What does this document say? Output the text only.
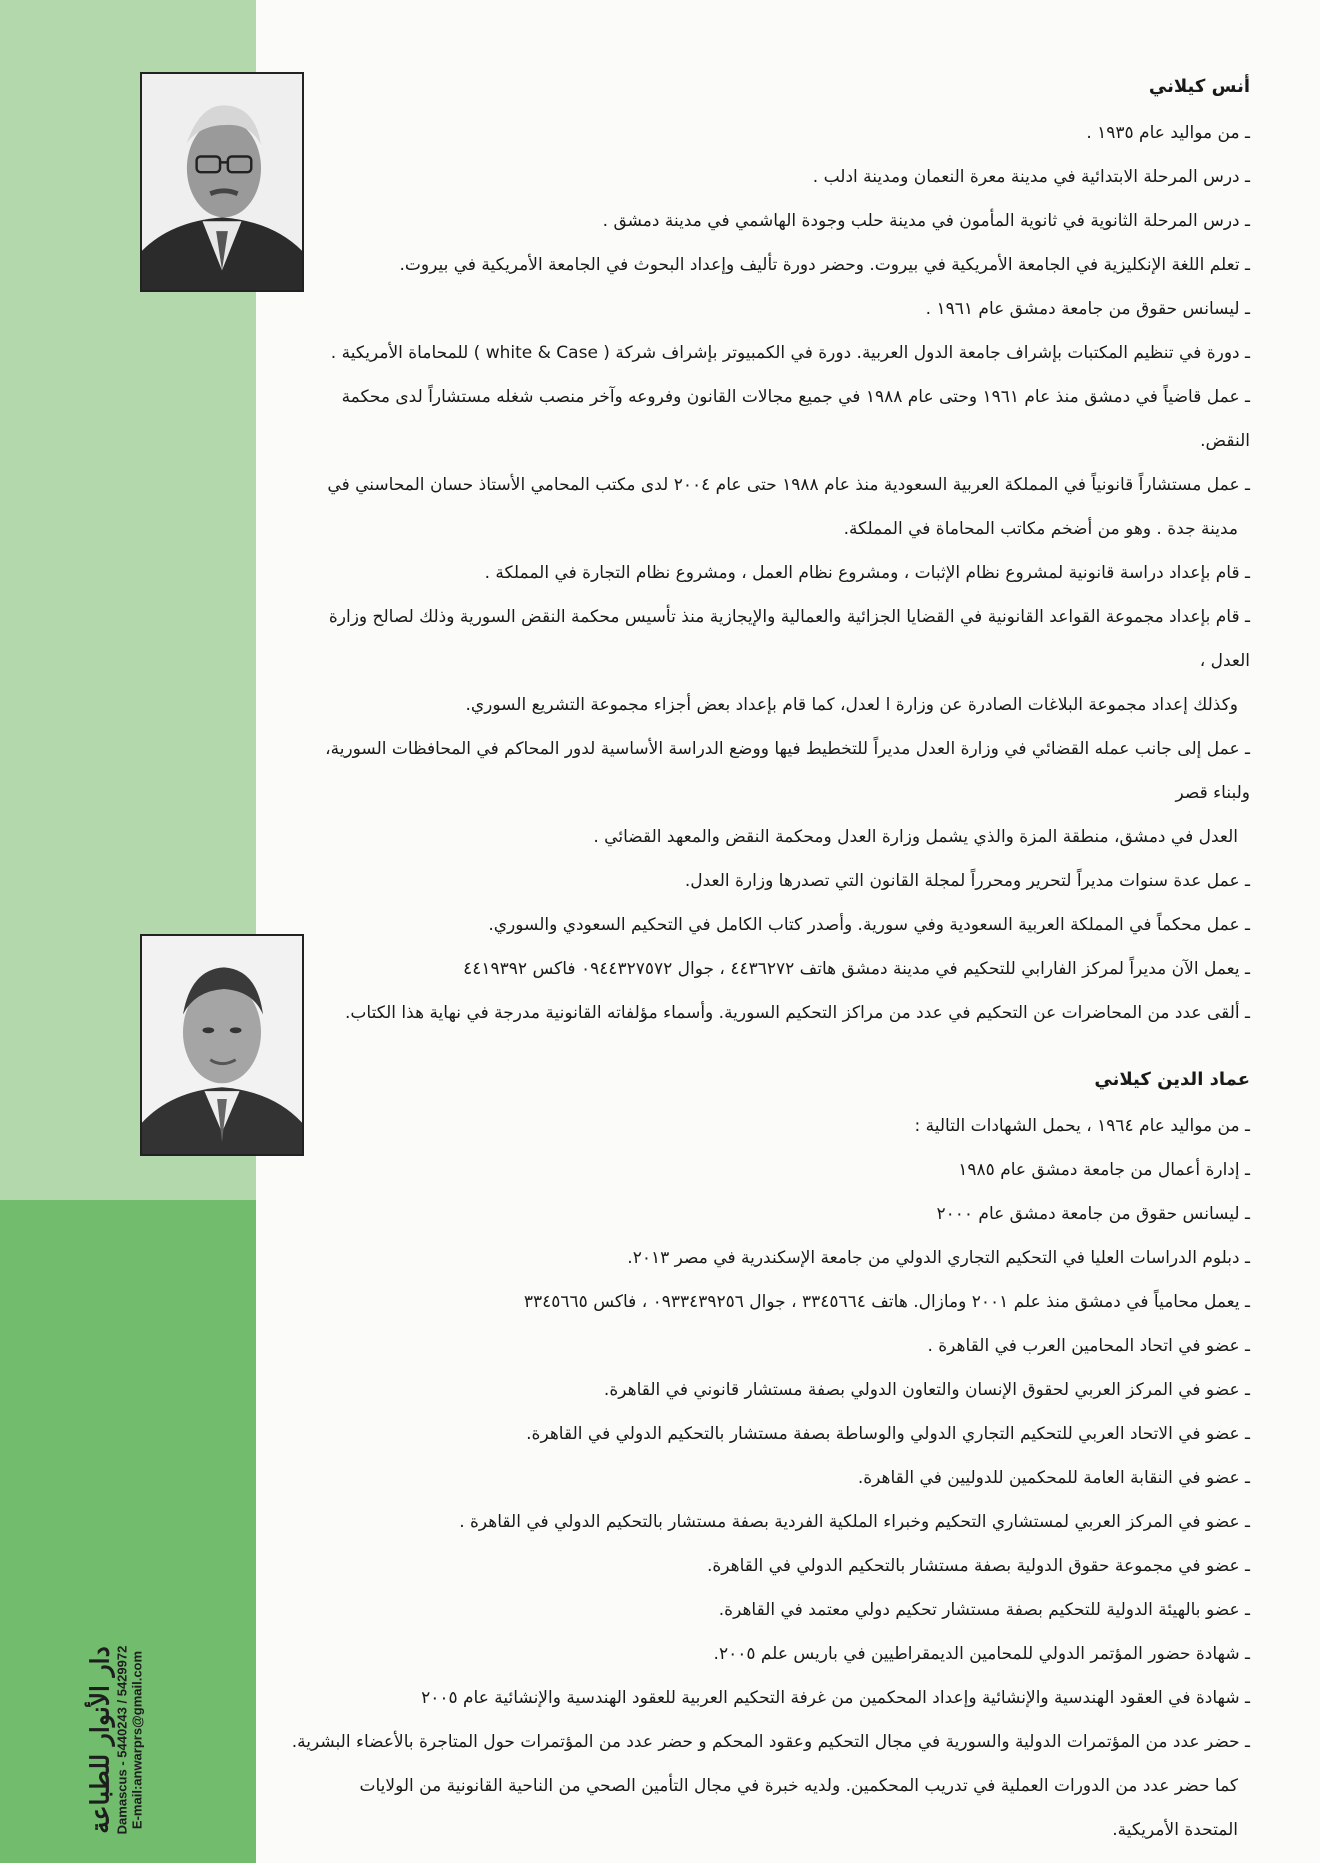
دار الأنوار للطباعة Damascus - 5440243 / 5429972 E-mail:anwarprs@gmail.com
أنس كيلاني
ـ من مواليد عام ١٩٣٥ .
ـ درس المرحلة الابتدائية في مدينة معرة النعمان ومدينة ادلب .
ـ درس المرحلة الثانوية في ثانوية المأمون في مدينة حلب وجودة الهاشمي في مدينة دمشق .
ـ تعلم اللغة الإنكليزية في الجامعة الأمريكية في بيروت. وحضر دورة تأليف وإعداد البحوث في الجامعة الأمريكية في بيروت.
ـ ليسانس حقوق من جامعة دمشق عام ١٩٦١ .
ـ دورة في تنظيم المكتبات بإشراف جامعة الدول العربية. دورة في الكمبيوتر بإشراف شركة ( white & Case ) للمحاماة الأمريكية .
ـ عمل قاضياً في دمشق منذ عام ١٩٦١ وحتى عام ١٩٨٨ في جميع مجالات القانون وفروعه وآخر منصب شغله مستشاراً لدى محكمة النقض.
ـ عمل مستشاراً قانونياً في المملكة العربية السعودية منذ عام ١٩٨٨ حتى عام ٢٠٠٤ لدى مكتب المحامي الأستاذ حسان المحاسني في
مدينة جدة . وهو من أضخم مكاتب المحاماة في المملكة.
ـ قام بإعداد دراسة قانونية لمشروع نظام الإثبات ، ومشروع نظام العمل ، ومشروع نظام التجارة في المملكة .
ـ قام بإعداد مجموعة القواعد القانونية في القضايا الجزائية والعمالية والإيجازية منذ تأسيس محكمة النقض السورية وذلك لصالح وزارة العدل ،
وكذلك إعداد مجموعة البلاغات الصادرة عن وزارة ا لعدل، كما قام بإعداد بعض أجزاء مجموعة التشريع السوري.
ـ عمل إلى جانب عمله القضائي في وزارة العدل مديراً للتخطيط فيها ووضع الدراسة الأساسية لدور المحاكم في المحافظات السورية، ولبناء قصر
العدل في دمشق، منطقة المزة والذي يشمل وزارة العدل ومحكمة النقض والمعهد القضائي .
ـ عمل عدة سنوات مديراً لتحرير ومحرراً لمجلة القانون التي تصدرها وزارة العدل.
ـ عمل محكماً في المملكة العربية السعودية وفي سورية. وأصدر كتاب الكامل في التحكيم السعودي والسوري.
ـ يعمل الآن مديراً لمركز الفارابي للتحكيم في مدينة دمشق هاتف ٤٤٣٦٢٧٢ ، جوال ٠٩٤٤٣٢٧٥٧٢ فاكس ٤٤١٩٣٩٢
ـ ألقى عدد من المحاضرات عن التحكيم في عدد من مراكز التحكيم السورية. وأسماء مؤلفاته القانونية مدرجة في نهاية هذا الكتاب.
عماد الدين كيلاني
ـ من مواليد عام ١٩٦٤ ، يحمل الشهادات التالية :
ـ إدارة أعمال من جامعة دمشق عام ١٩٨٥
ـ ليسانس حقوق من جامعة دمشق عام ٢٠٠٠
ـ دبلوم الدراسات العليا في التحكيم التجاري الدولي من جامعة الإسكندرية في مصر ٢٠١٣.
ـ يعمل محامياً في دمشق منذ علم ٢٠٠١ ومازال. هاتف ٣٣٤٥٦٦٤ ، جوال ٠٩٣٣٤٣٩٢٥٦ ، فاكس ٣٣٤٥٦٦٥
ـ عضو في اتحاد المحامين العرب في القاهرة .
ـ عضو في المركز العربي لحقوق الإنسان والتعاون الدولي بصفة مستشار قانوني في القاهرة.
ـ عضو في الاتحاد العربي للتحكيم التجاري الدولي والوساطة بصفة مستشار بالتحكيم الدولي في القاهرة.
ـ عضو في النقابة العامة للمحكمين للدوليين في القاهرة.
ـ عضو في المركز العربي لمستشاري التحكيم وخبراء الملكية الفردية بصفة مستشار بالتحكيم الدولي في القاهرة .
ـ عضو في مجموعة حقوق الدولية بصفة مستشار بالتحكيم الدولي في القاهرة.
ـ عضو بالهيئة الدولية للتحكيم بصفة مستشار تحكيم دولي معتمد في القاهرة.
ـ شهادة حضور المؤتمر الدولي للمحامين الديمقراطيين في باريس علم ٢٠٠٥.
ـ شهادة في العقود الهندسية والإنشائية وإعداد المحكمين من غرفة التحكيم العربية للعقود الهندسية والإنشائية عام ٢٠٠٥
ـ حضر عدد من المؤتمرات الدولية والسورية في مجال التحكيم وعقود المحكم و حضر عدد من المؤتمرات حول المتاجرة بالأعضاء البشرية.
كما حضر عدد من الدورات العملية في تدريب المحكمين. ولديه خبرة في مجال التأمين الصحي من الناحية القانونية من الولايات
المتحدة الأمريكية.
